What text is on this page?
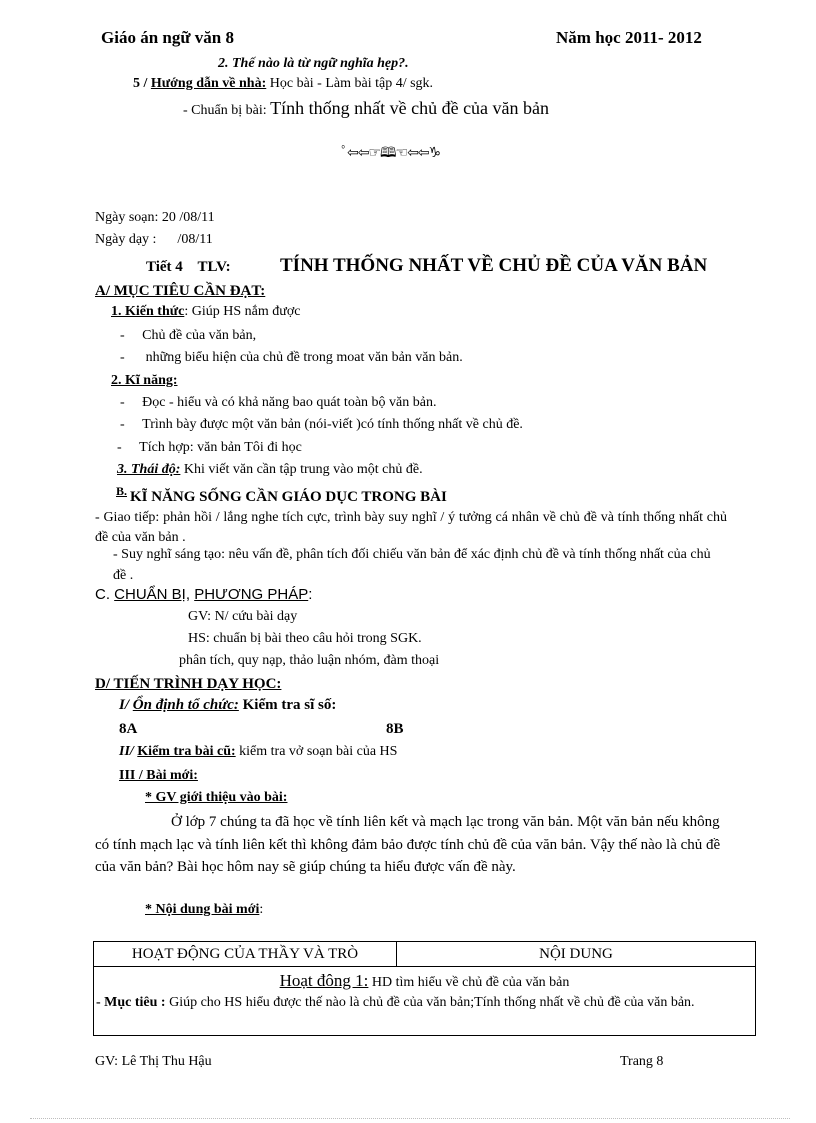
Giáo án ngữ văn 8	Năm học 2011- 2012
2. Thế nào là từ ngữ nghĩa hẹp?.
5 / Hướng dẫn về nhà: Học bài - Làm bài tập 4/ sgk.
- Chuẩn bị bài: Tính thống nhất về chủ đề của văn bản
ﾟ⇦⇦☞🕮☜⇦⇦♑
Ngày soạn: 20 /08/11
Ngày dạy :      /08/11
Tiết 4    TLV:	TÍNH THỐNG NHẤT VỀ CHỦ ĐỀ CỦA VĂN BẢN
A/ MỤC TIÊU CẦN ĐẠT:
1. Kiến thức: Giúp HS nắm được
-     Chủ đề của văn bản,
-      những biểu hiện của chủ đề trong moat văn bản văn bản.
2. Kĩ năng:
-     Đọc - hiểu và có khả năng bao quát toàn bộ văn bản.
-     Trình bày được một văn bản (nói-viết )có tính thống nhất về chủ đề.
-     Tích hợp: văn bản Tôi đi học
3. Thái độ: Khi viết văn cần tập trung vào một chủ đề.
B. KĨ NĂNG SỐNG CẦN GIÁO DỤC TRONG BÀI
- Giao tiếp: phản hồi / lắng nghe tích cực, trình bày suy nghĩ / ý tưởng cá nhân về chủ đề và tính thống nhất chủ đề của văn bản .
- Suy nghĩ sáng tạo: nêu vấn đề, phân tích đối chiếu văn bản để xác định chủ đề và tính thống nhất của chủ đề .
C. CHUẨN BỊ, PHƯƠNG PHÁP:
GV: N/ cứu bài dạy
HS: chuẩn bị bài theo câu hỏi trong SGK.
phân tích, quy nạp, thảo luận nhóm, đàm thoại
D/ TIẾN TRÌNH DẠY HỌC:
I/ Ổn định tổ chức: Kiểm tra sĩ số:
8A	8B
II/ Kiểm tra bài cũ: kiểm tra vở soạn bài của HS
III / Bài mới:
* GV giới thiệu vào bài:
Ở lớp 7 chúng ta đã học về tính liên kết và mạch lạc trong văn bản. Một văn bản nếu không có tính mạch lạc và tính liên kết thì không đảm bảo được tính chủ đề của văn bản. Vậy thế nào là chủ đề của văn bản? Bài học hôm nay sẽ giúp chúng ta hiểu được vấn đề này.
* Nội dung bài mới:
HOẠT ĐỘNG CỦA THẦY VÀ TRÒ	NỘI DUNG

Hoạt đông 1: HD tìm hiểu về chủ đề của văn bản
- Mục tiêu : Giúp cho HS hiểu được thế nào là chủ đề của văn bản;Tính thống nhất về chủ đề của văn bản.
GV: Lê Thị Thu Hậu	Trang 8
